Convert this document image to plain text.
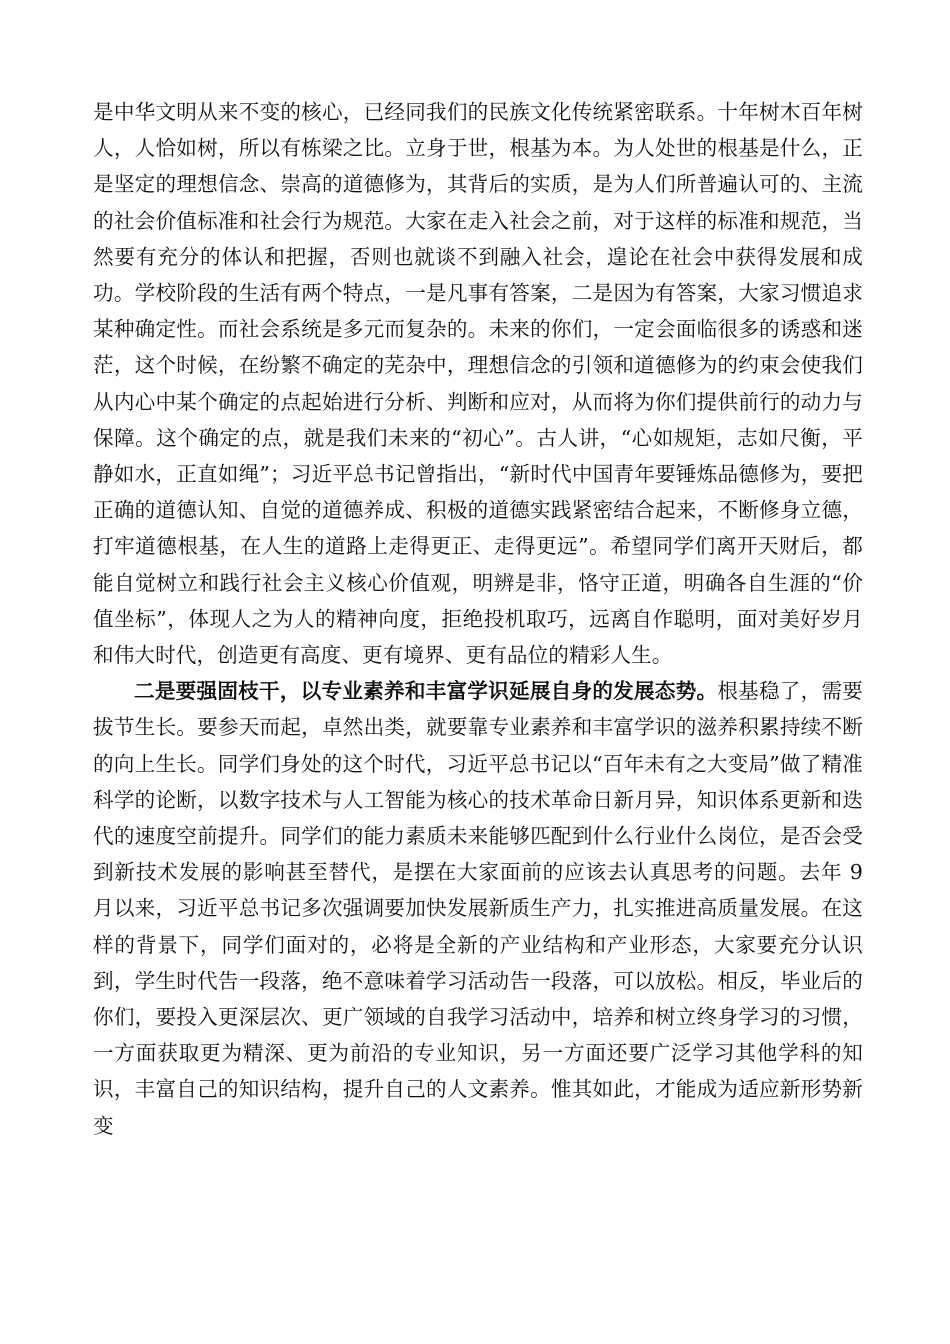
是中华文明从来不变的核心，已经同我们的民族文化传统紧密联系。十年树木百年树人，人恰如树，所以有栋梁之比。立身于世，根基为本。为人处世的根基是什么，正是坚定的理想信念、崇高的道德修为，其背后的实质，是为人们所普遍认可的、主流的社会价值标准和社会行为规范。大家在走入社会之前，对于这样的标准和规范，当然要有充分的体认和把握，否则也就谈不到融入社会，遑论在社会中获得发展和成功。学校阶段的生活有两个特点，一是凡事有答案，二是因为有答案，大家习惯追求某种确定性。而社会系统是多元而复杂的。未来的你们，一定会面临很多的诱惑和迷茫，这个时候，在纷繁不确定的芜杂中，理想信念的引领和道德修为的约束会使我们从内心中某个确定的点起始进行分析、判断和应对，从而将为你们提供前行的动力与保障。这个确定的点，就是我们未来的“初心”。古人讲，“心如规矩，志如尺衡，平静如水，正直如绳”；习近平总书记曾指出，“新时代中国青年要锤炼品德修为，要把正确的道德认知、自觉的道德养成、积极的道德实践紧密结合起来，不断修身立德，打牢道德根基，在人生的道路上走得更正、走得更远”。希望同学们离开天财后，都能自觉树立和践行社会主义核心价值观，明辨是非，恪守正道，明确各自生涯的“价值坐标”，体现人之为人的精神向度，拒绝投机取巧，远离自作聪明，面对美好岁月和伟大时代，创造更有高度、更有境界、更有品位的精彩人生。

二是要强固枝干，以专业素养和丰富学识延展自身的发展态势。根基稳了，需要拔节生长。要参天而起，卓然出类，就要靠专业素养和丰富学识的滋养积累持续不断的向上生长。同学们身处的这个时代，习近平总书记以“百年未有之大变局”做了精准科学的论断，以数字技术与人工智能为核心的技术革命日新月异，知识体系更新和迭代的速度空前提升。同学们的能力素质未来能够匹配到什么行业什么岗位，是否会受到新技术发展的影响甚至替代，是摆在大家面前的应该去认真思考的问题。去年 9 月以来，习近平总书记多次强调要加快发展新质生产力，扎实推进高质量发展。在这样的背景下，同学们面对的，必将是全新的产业结构和产业形态，大家要充分认识到，学生时代告一段落，绝不意味着学习活动告一段落，可以放松。相反，毕业后的你们，要投入更深层次、更广领域的自我学习活动中，培养和树立终身学习的习惯，一方面获取更为精深、更为前沿的专业知识，另一方面还要广泛学习其他学科的知识，丰富自己的知识结构，提升自己的人文素养。惟其如此，才能成为适应新形势新变
